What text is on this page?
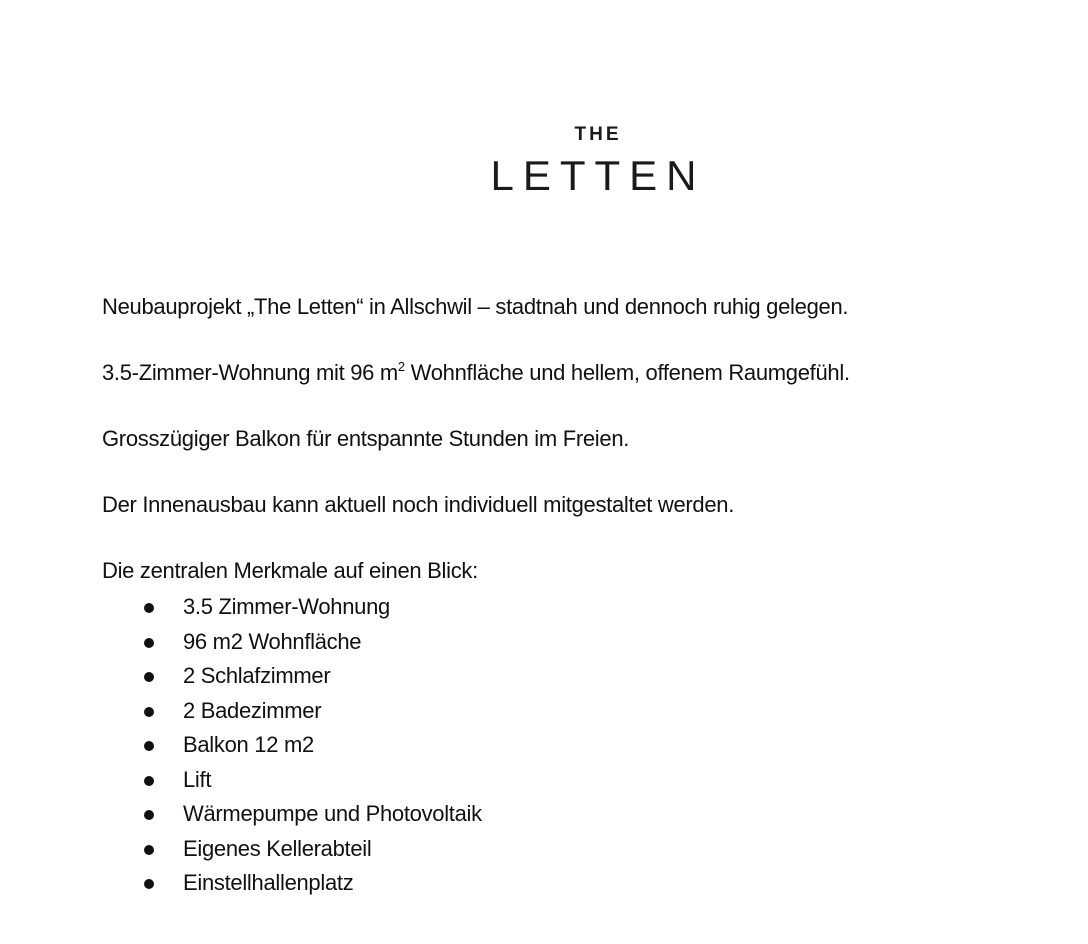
THE
LETTEN

Neubauprojekt „The Letten“ in Allschwil – stadtnah und dennoch ruhig gelegen.

3.5-Zimmer-Wohnung mit 96 $m^2$ Wohnfläche und hellem, offenem Raumgefühl.

Grosszügiger Balkon für entspannte Stunden im Freien.

Der Innenausbau kann aktuell noch individuell mitgestaltet werden.

Die zentralen Merkmale auf einen Blick:

3.5 Zimmer-Wohnung
96 m2 Wohnfläche
2 Schlafzimmer
2 Badezimmer
Balkon 12 m2
Lift
Wärmepumpe und Photovoltaik
Eigenes Kellerabteil
Einstellhallenplatz
